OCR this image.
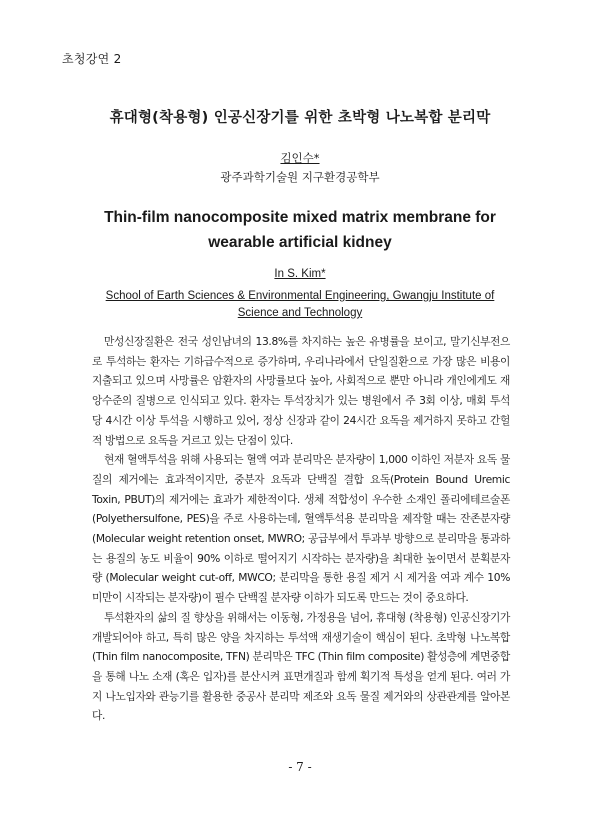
초청강연 2
휴대형(착용형) 인공신장기를 위한 초박형 나노복합 분리막
김인수*
광주과학기술원 지구환경공학부
Thin-film nanocomposite mixed matrix membrane for wearable artificial kidney
In S. Kim*
School of Earth Sciences & Environmental Engineering, Gwangju Institute of Science and Technology

만성신장질환은 전국 성인남녀의 13.8%를 차지하는 높은 유병률을 보이고, 말기신부전으로 투석하는 환자는 기하급수적으로 증가하며, 우리나라에서 단일질환으로 가장 많은 비용이 지출되고 있으며 사망률은 암환자의 사망률보다 높아, 사회적으로 뿐만 아니라 개인에게도 재앙수준의 질병으로 인식되고 있다. 환자는 투석장치가 있는 병원에서 주 3회 이상, 매회 투석 당 4시간 이상 투석을 시행하고 있어, 정상 신장과 같이 24시간 요독을 제거하지 못하고 간헐적 방법으로 요독을 거르고 있는 단점이 있다.

현재 혈액투석을 위해 사용되는 혈액 여과 분리막은 분자량이 1,000 이하인 저분자 요독 물질의 제거에는 효과적이지만, 중분자 요독과 단백질 결합 요독(Protein Bound Uremic Toxin, PBUT)의 제거에는 효과가 제한적이다. 생체 적합성이 우수한 소재인 폴리에테르술폰 (Polyethersulfone, PES)을 주로 사용하는데, 혈액투석용 분리막을 제작할 때는 잔존분자량 (Molecular weight retention onset, MWRO; 공급부에서 투과부 방향으로 분리막을 통과하는 용질의 농도 비율이 90% 이하로 떨어지기 시작하는 분자량)을 최대한 높이면서 분획분자량 (Molecular weight cut-off, MWCO; 분리막을 통한 용질 제거 시 제거율 여과 계수 10% 미만이 시작되는 분자량)이 필수 단백질 분자량 이하가 되도록 만드는 것이 중요하다.

투석환자의 삶의 질 향상을 위해서는 이동형, 가정용을 넘어, 휴대형 (착용형) 인공신장기가 개발되어야 하고, 특히 많은 양을 차지하는 투석액 재생기술이 핵심이 된다. 초박형 나노복합 (Thin film nanocomposite, TFN) 분리막은 TFC (Thin film composite) 활성층에 계면중합을 통해 나노 소재 (혹은 입자)를 분산시켜 표면개질과 함께 획기적 특성을 얻게 된다. 여러 가지 나노입자와 관능기를 활용한 중공사 분리막 제조와 요독 물질 제거와의 상관관계를 알아본다.

- 7 -
